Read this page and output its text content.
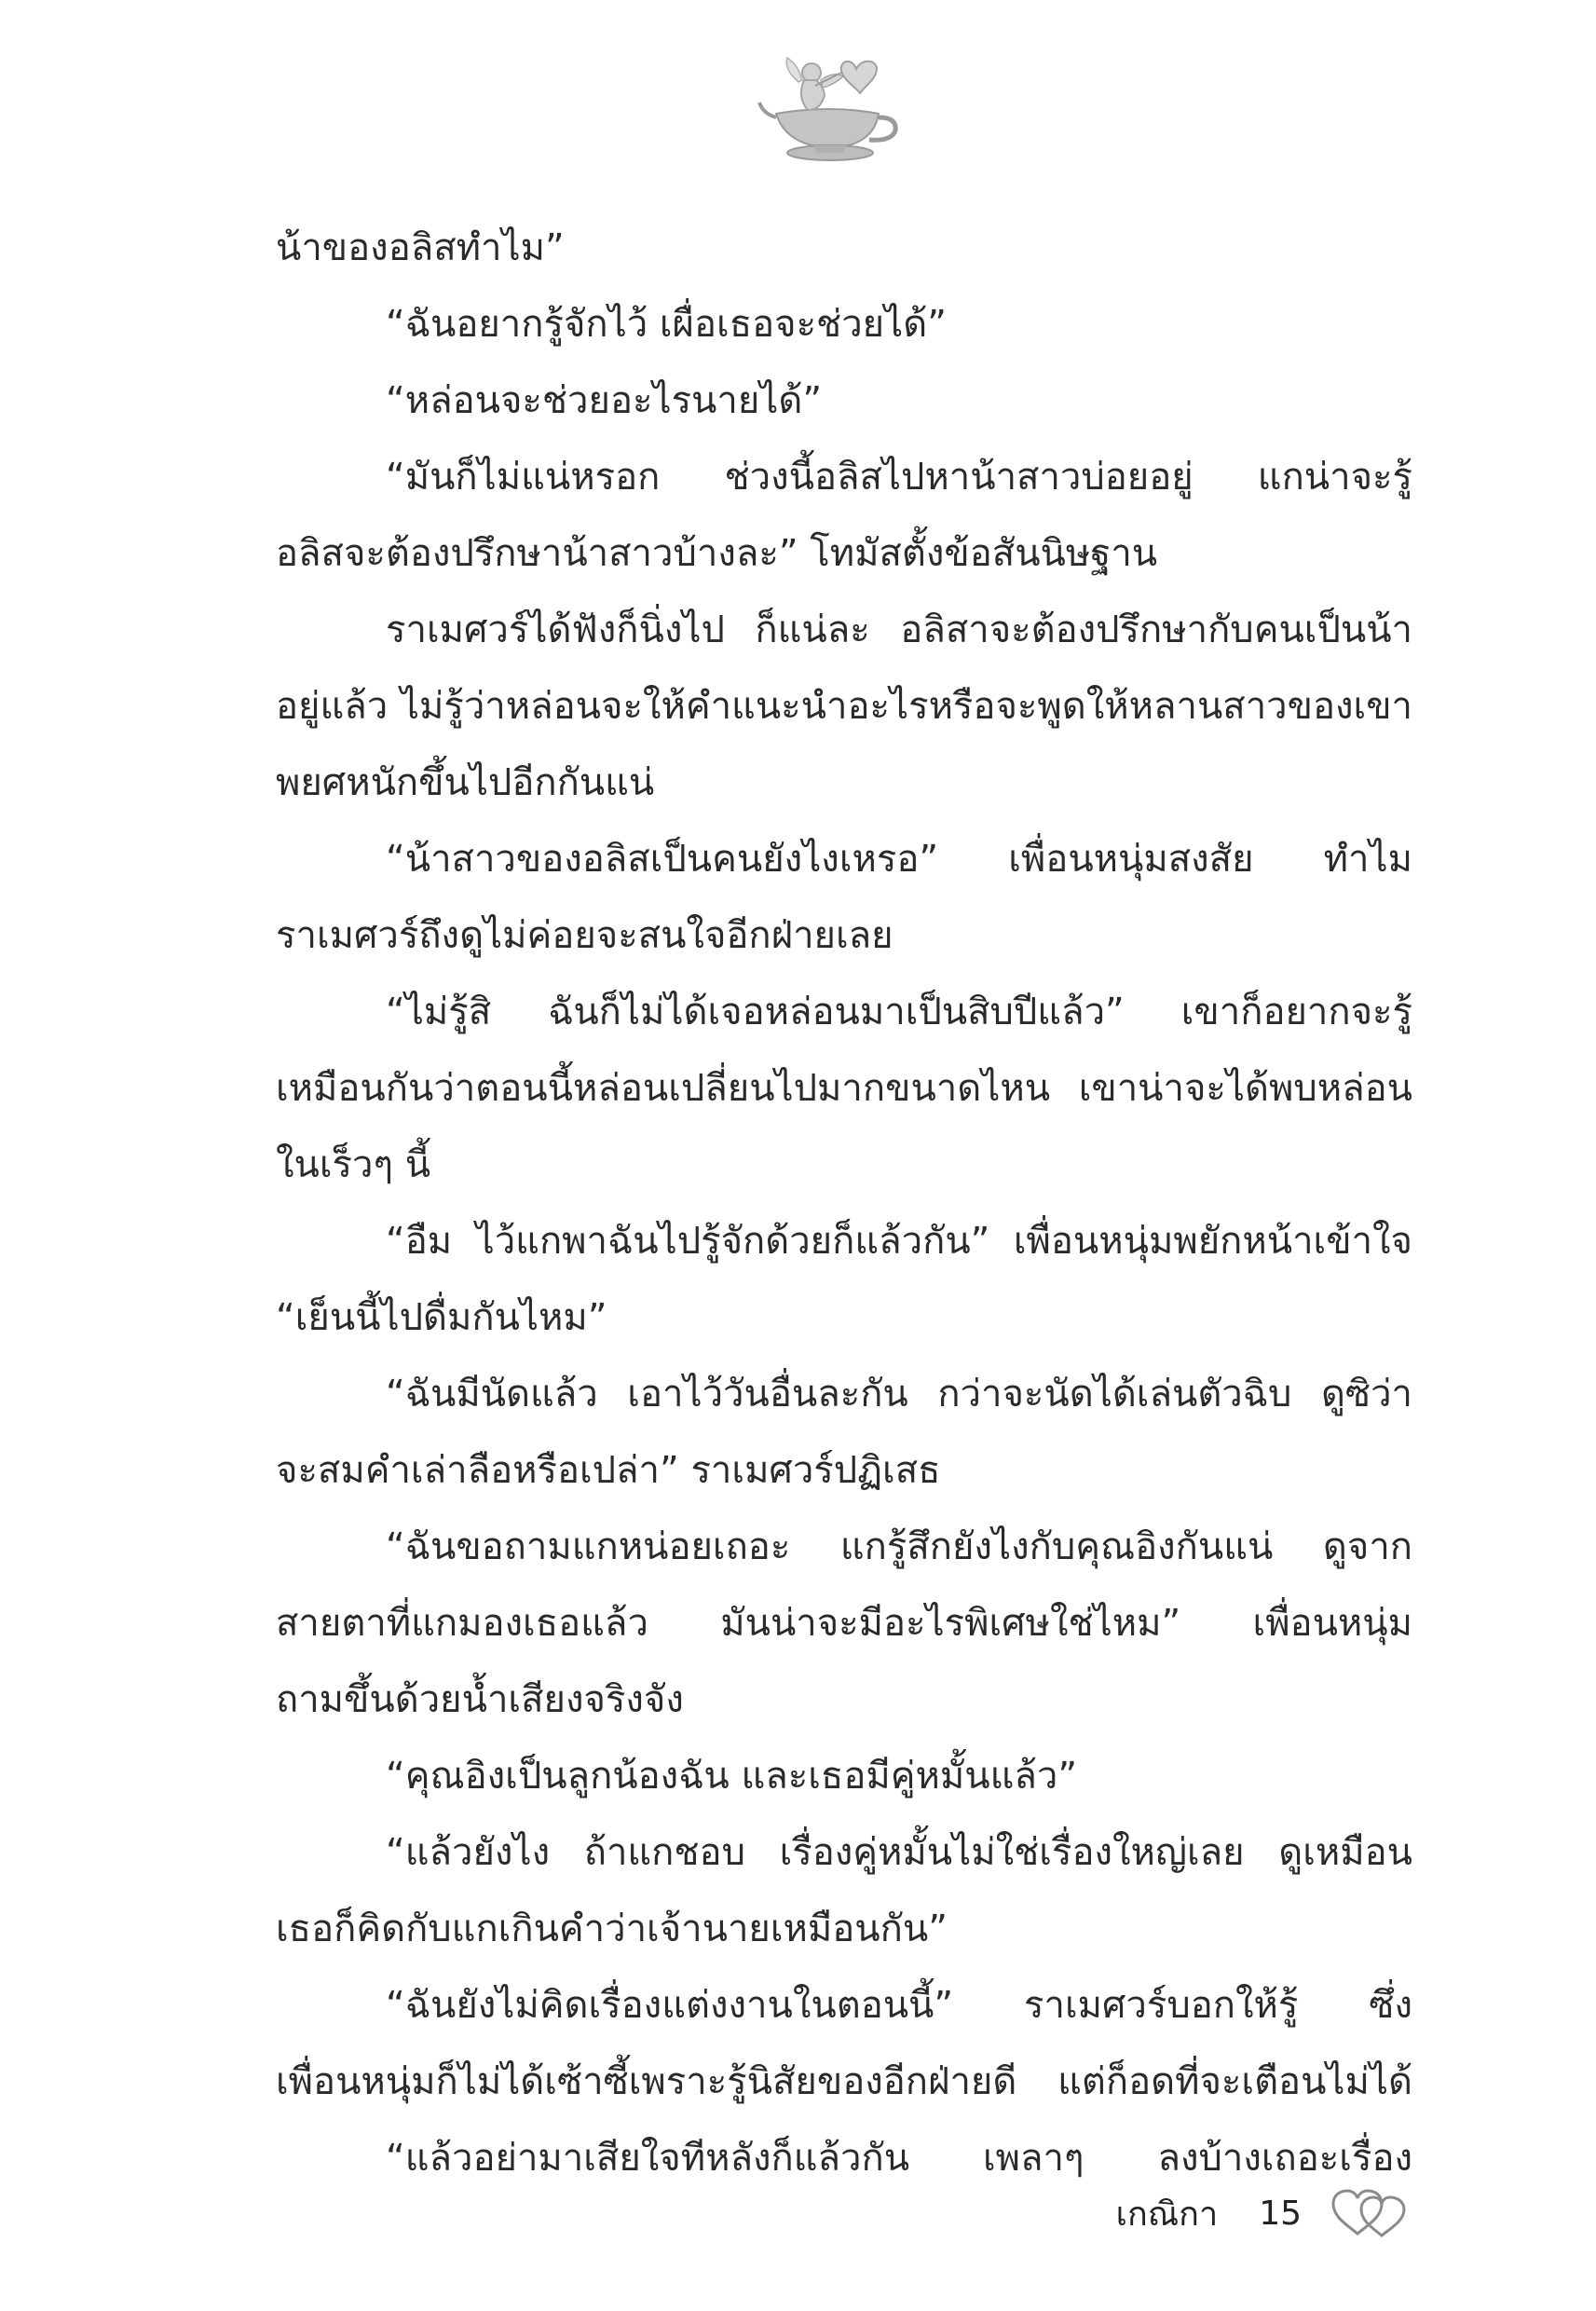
น้าของอลิสทำไม”
“ฉันอยากรู้จักไว้ เผื่อเธอจะช่วยได้”
“หล่อนจะช่วยอะไรนายได้”
“มันก็ไม่แน่หรอก ช่วงนี้อลิสไปหาน้าสาวบ่อยอยู่ แกน่าจะรู้
อลิสจะต้องปรึกษาน้าสาวบ้างละ” โทมัสตั้งข้อสันนิษฐาน
ราเมศวร์ได้ฟังก็นิ่งไป ก็แน่ละ อลิสาจะต้องปรึกษากับคนเป็นน้า
อยู่แล้ว ไม่รู้ว่าหล่อนจะให้คำแนะนำอะไรหรือจะพูดให้หลานสาวของเขา
พยศหนักขึ้นไปอีกกันแน่
“น้าสาวของอลิสเป็นคนยังไงเหรอ” เพื่อนหนุ่มสงสัย ทำไม
ราเมศวร์ถึงดูไม่ค่อยจะสนใจอีกฝ่ายเลย
“ไม่รู้สิ ฉันก็ไม่ได้เจอหล่อนมาเป็นสิบปีแล้ว” เขาก็อยากจะรู้
เหมือนกันว่าตอนนี้หล่อนเปลี่ยนไปมากขนาดไหน เขาน่าจะได้พบหล่อน
ในเร็วๆ นี้
“อืม ไว้แกพาฉันไปรู้จักด้วยก็แล้วกัน” เพื่อนหนุ่มพยักหน้าเข้าใจ
“เย็นนี้ไปดื่มกันไหม”
“ฉันมีนัดแล้ว เอาไว้วันอื่นละกัน กว่าจะนัดได้เล่นตัวฉิบ ดูซิว่า
จะสมคำเล่าลือหรือเปล่า” ราเมศวร์ปฏิเสธ
“ฉันขอถามแกหน่อยเถอะ แกรู้สึกยังไงกับคุณอิงกันแน่ ดูจาก
สายตาที่แกมองเธอแล้ว มันน่าจะมีอะไรพิเศษใช่ไหม” เพื่อนหนุ่ม
ถามขึ้นด้วยน้ำเสียงจริงจัง
“คุณอิงเป็นลูกน้องฉัน และเธอมีคู่หมั้นแล้ว”
“แล้วยังไง ถ้าแกชอบ เรื่องคู่หมั้นไม่ใช่เรื่องใหญ่เลย ดูเหมือน
เธอก็คิดกับแกเกินคำว่าเจ้านายเหมือนกัน”
“ฉันยังไม่คิดเรื่องแต่งงานในตอนนี้” ราเมศวร์บอกให้รู้ ซึ่ง
เพื่อนหนุ่มก็ไม่ได้เซ้าซี้เพราะรู้นิสัยของอีกฝ่ายดี แต่ก็อดที่จะเตือนไม่ได้
“แล้วอย่ามาเสียใจทีหลังก็แล้วกัน เพลาๆ ลงบ้างเถอะเรื่อง
เกณิกา 15
